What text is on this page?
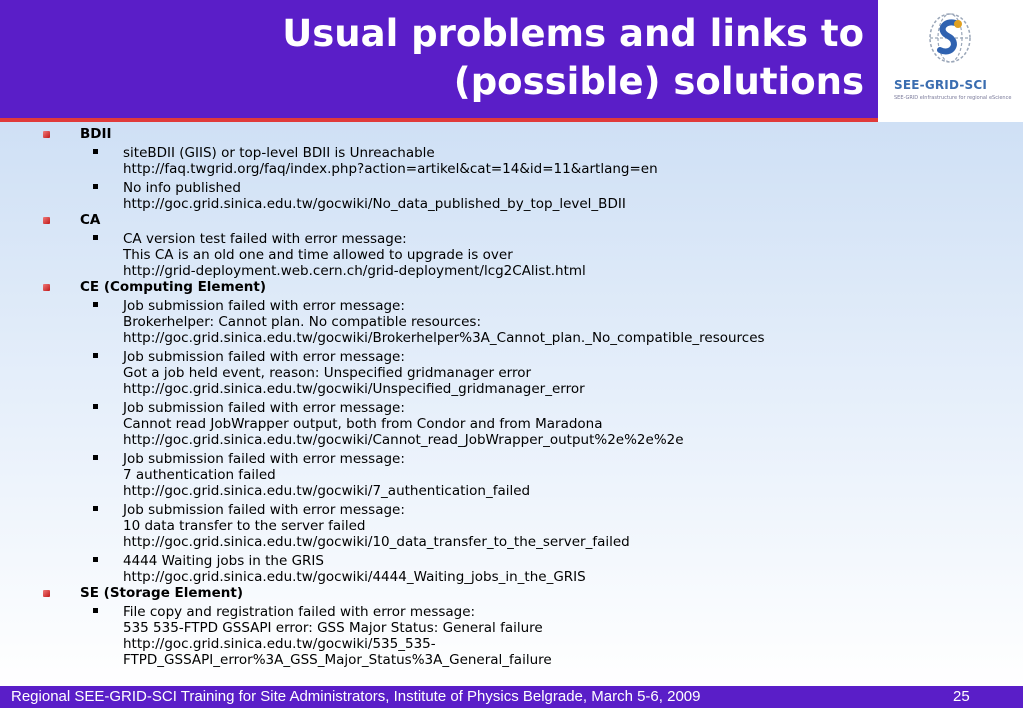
Usual problems and links to
(possible) solutions	SEE-GRID-SCI
SEE-GRID eInfrastructure for regional eScience
BDII
siteBDII (GIIS) or top-level BDII is Unreachable
http://faq.twgrid.org/faq/index.php?action=artikel&cat=14&id=11&artlang=en
No info published
http://goc.grid.sinica.edu.tw/gocwiki/No_data_published_by_top_level_BDII
CA
CA version test failed with error message:
This CA is an old one and time allowed to upgrade is over
http://grid-deployment.web.cern.ch/grid-deployment/lcg2CAlist.html
CE (Computing Element)
Job submission failed with error message:
Brokerhelper: Cannot plan. No compatible resources:
http://goc.grid.sinica.edu.tw/gocwiki/Brokerhelper%3A_Cannot_plan._No_compatible_resources
Job submission failed with error message:
Got a job held event, reason: Unspecified gridmanager error
http://goc.grid.sinica.edu.tw/gocwiki/Unspecified_gridmanager_error
Job submission failed with error message:
Cannot read JobWrapper output, both from Condor and from Maradona
http://goc.grid.sinica.edu.tw/gocwiki/Cannot_read_JobWrapper_output%2e%2e%2e
Job submission failed with error message:
7 authentication failed
http://goc.grid.sinica.edu.tw/gocwiki/7_authentication_failed
Job submission failed with error message:
10 data transfer to the server failed
http://goc.grid.sinica.edu.tw/gocwiki/10_data_transfer_to_the_server_failed
4444 Waiting jobs in the GRIS
http://goc.grid.sinica.edu.tw/gocwiki/4444_Waiting_jobs_in_the_GRIS
SE (Storage Element)
File copy and registration failed with error message:
535 535-FTPD GSSAPI error: GSS Major Status: General failure
http://goc.grid.sinica.edu.tw/gocwiki/535_535-
FTPD_GSSAPI_error%3A_GSS_Major_Status%3A_General_failure
Regional SEE-GRID-SCI Training for Site Administrators, Institute of Physics Belgrade, March 5-6, 2009	25
